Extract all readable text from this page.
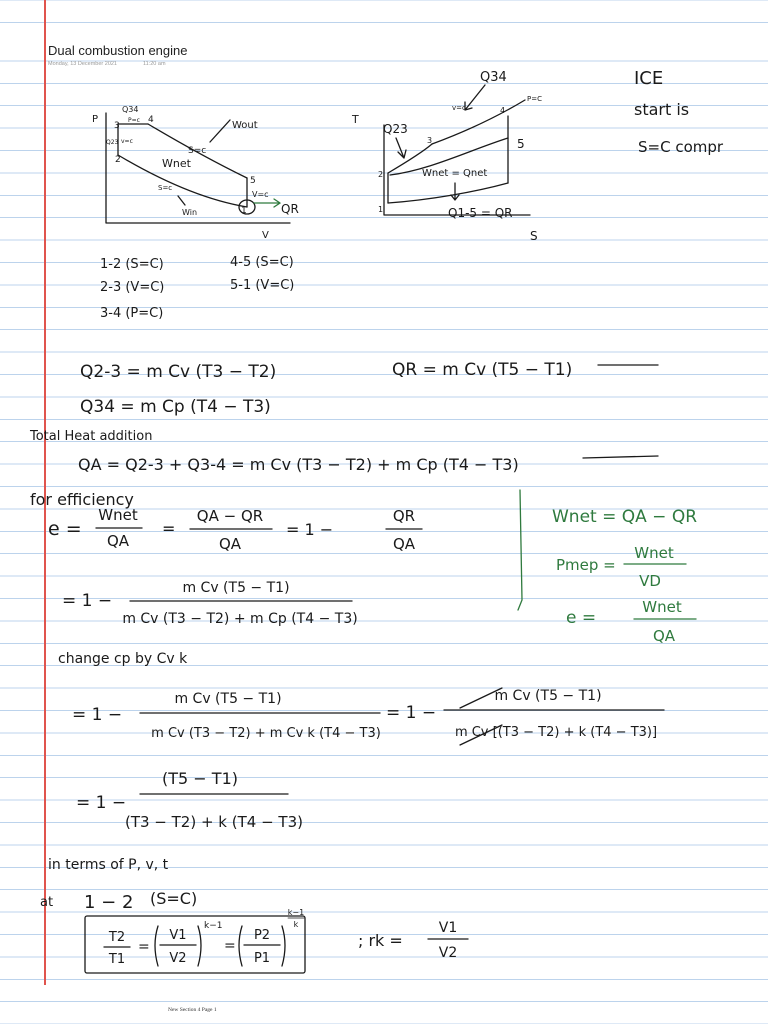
Dual combustion engine
Monday, 13 December 2021	11:20 am
P
V
1
2
3
4
5
Q34
P=c
Q23 v=c
Wout
S=c
Wnet
S=c
Win
V=c
QR
T
S
1
2
3
4
5
Q34
v=c
P=C
Q23
Wnet = Qnet
Q1-5 = QR
ICE
start is
S=C compr
1-2 (S=C)
2-3 (V=C)
3-4 (P=C)
4-5 (S=C)
5-1 (V=C)
Q2-3 = m Cv (T3 − T2)
Q34 = m Cp (T4 − T3)
QR = m Cv (T5 − T1)
Total Heat addition
QA = Q2-3 + Q3-4 = m Cv (T3 − T2) + m Cp (T4 − T3)
for efficiency
e =
Wnet
QA
=
QA − QR
QA
= 1 −
QR
QA
= 1 −
m Cv (T5 − T1)
m Cv (T3 − T2) + m Cp (T4 − T3)
change cp by Cv k
= 1 −
m Cv (T5 − T1)
m Cv (T3 − T2) + m Cv k (T4 − T3)
= 1 −
m Cv (T5 − T1)
m Cv [(T3 − T2) + k (T4 − T3)]
= 1 −
(T5 − T1)
(T3 − T2) + k (T4 − T3)
in terms of P, v, t
at 1 − 2 (S=C)
T2
T1
=
V1
V2
k−1
=
P2
P1
k−1
k
; rk =
V1
V2
Wnet = QA − QR
Pmep =
Wnet
VD
e =
Wnet
QA
New Section 4 Page 1
